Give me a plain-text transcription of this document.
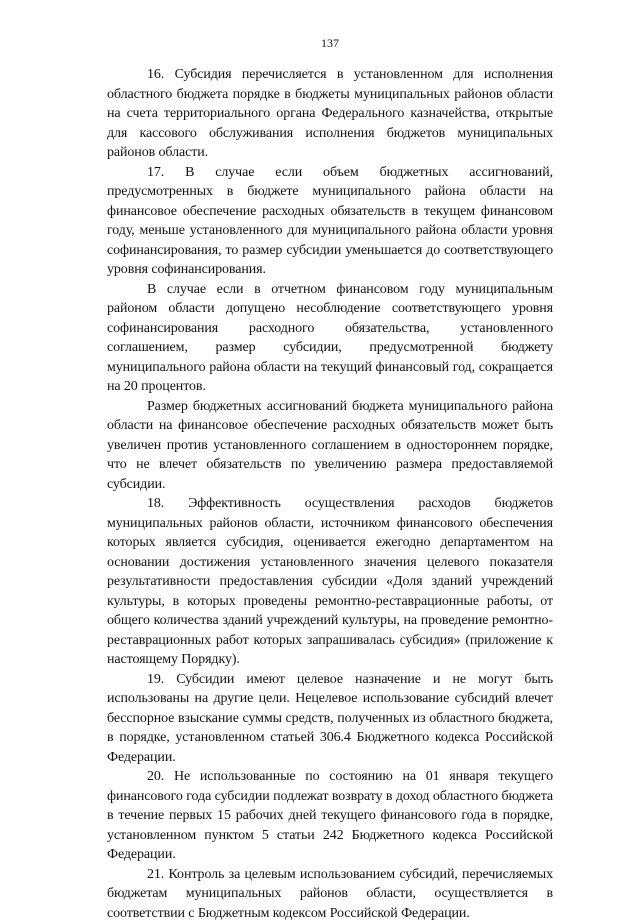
137

16. Субсидия перечисляется в установленном для исполнения областного бюджета порядке в бюджеты муниципальных районов области на счета территориального органа Федерального казначейства, открытые для кассового обслуживания исполнения бюджетов муниципальных районов области.

17. В случае если объем бюджетных ассигнований, предусмотренных в бюджете муниципального района области на финансовое обеспечение расходных обязательств в текущем финансовом году, меньше установленного для муниципального района области уровня софинансирования, то размер субсидии уменьшается до соответствующего уровня софинансирования.

В случае если в отчетном финансовом году муниципальным районом области допущено несоблюдение соответствующего уровня софинансирования расходного обязательства, установленного соглашением, размер субсидии, предусмотренной бюджету муниципального района области на текущий финансовый год, сокращается на 20 процентов.

Размер бюджетных ассигнований бюджета муниципального района области на финансовое обеспечение расходных обязательств может быть увеличен против установленного соглашением в одностороннем порядке, что не влечет обязательств по увеличению размера предоставляемой субсидии.

18. Эффективность осуществления расходов бюджетов муниципальных районов области, источником финансового обеспечения которых является субсидия, оценивается ежегодно департаментом на основании достижения установленного значения целевого показателя результативности предоставления субсидии «Доля зданий учреждений культуры, в которых проведены ремонтно-реставрационные работы, от общего количества зданий учреждений культуры, на проведение ремонтно-реставрационных работ которых запрашивалась субсидия» (приложение к настоящему Порядку).

19. Субсидии имеют целевое назначение и не могут быть использованы на другие цели. Нецелевое использование субсидий влечет бесспорное взыскание суммы средств, полученных из областного бюджета, в порядке, установленном статьей 306.4 Бюджетного кодекса Российской Федерации.

20. Не использованные по состоянию на 01 января текущего финансового года субсидии подлежат возврату в доход областного бюджета в течение первых 15 рабочих дней текущего финансового года в порядке, установленном пунктом 5 статьи 242 Бюджетного кодекса Российской Федерации.

21. Контроль за целевым использованием субсидий, перечисляемых бюджетам муниципальных районов области, осуществляется в соответствии с Бюджетным кодексом Российской Федерации.
